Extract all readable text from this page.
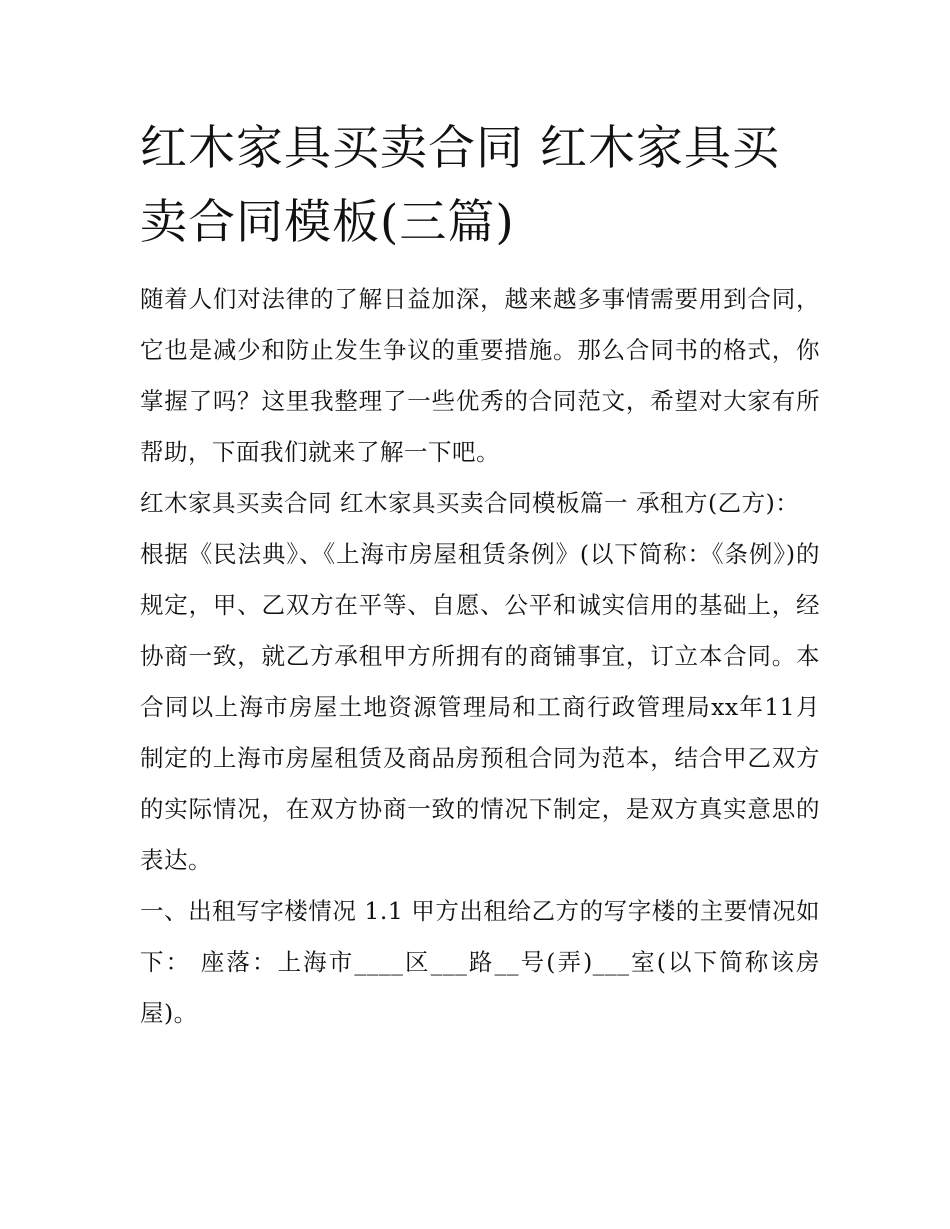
红木家具买卖合同 红木家具买卖合同模板(三篇)

随着人们对法律的了解日益加深，越来越多事情需要用到合同，它也是减少和防止发生争议的重要措施。那么合同书的格式，你掌握了吗？这里我整理了一些优秀的合同范文，希望对大家有所帮助，下面我们就来了解一下吧。

红木家具买卖合同 红木家具买卖合同模板篇一 承租方(乙方)：

根据《民法典》、《上海市房屋租赁条例》(以下简称：《条例》)的规定，甲、乙双方在平等、自愿、公平和诚实信用的基础上，经协商一致，就乙方承租甲方所拥有的商铺事宜，订立本合同。本合同以上海市房屋土地资源管理局和工商行政管理局xx年11月制定的上海市房屋租赁及商品房预租合同为范本，结合甲乙双方的实际情况，在双方协商一致的情况下制定，是双方真实意思的表达。

一、出租写字楼情况 1.1 甲方出租给乙方的写字楼的主要情况如下： 座落：上海市____区___路__号(弄)___室(以下简称该房屋)。
